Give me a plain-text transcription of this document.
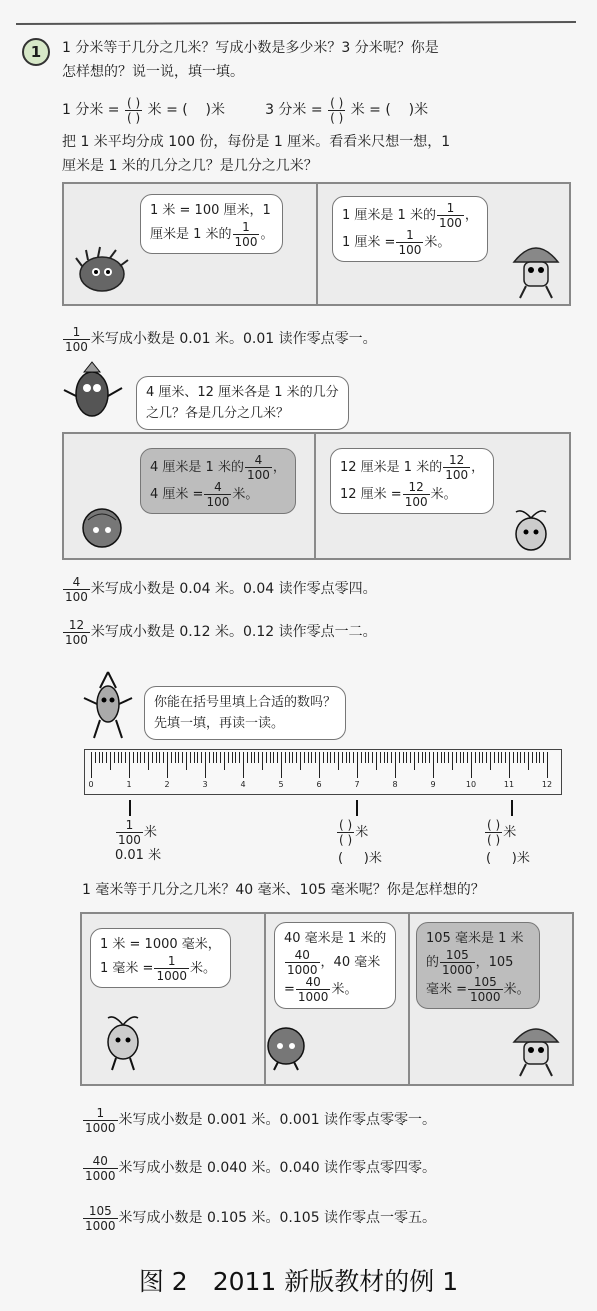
1	1 分米等于几分之几米？写成小数是多少米？3 分米呢？你是
怎样想的？说一说，填一填。
1 分米 = $\frac{( )}{( )}$ 米 = ( )米	3 分米 = $\frac{( )}{( )}$ 米 = ( )米
把 1 米平均分成 100 份，每份是 1 厘米。看看米尺想一想，1
厘米是 1 米的几分之几？是几分之几米？
1 米 = 100 厘米，1
厘米是 1 米的 $\frac{1}{100}$ 。
1 厘米是 1 米的 $\frac{1}{100}$ ，
1 厘米 = $\frac{1}{100}$ 米。
$\frac{1}{100}$ 米写成小数是 0.01 米。0.01 读作零点零一。
4 厘米、12 厘米各是 1 米的几分
之几？各是几分之几米？
4 厘米是 1 米的 $\frac{4}{100}$ ，
4 厘米 = $\frac{4}{100}$ 米。
12 厘米是 1 米的 $\frac{12}{100}$ ，
12 厘米 = $\frac{12}{100}$ 米。
$\frac{4}{100}$ 米写成小数是 0.04 米。0.04 读作零点零四。
$\frac{12}{100}$ 米写成小数是 0.12 米。0.12 读作零点一二。
你能在括号里填上合适的数吗？
先填一填，再读一读。
0	1	2	3	4	5	6	7	8	9	10	11	12
$\frac{1}{100}$ 米
0.01 米
$\frac{( )}{( )}$ 米
( )米
$\frac{( )}{( )}$ 米
( )米
1 毫米等于几分之几米？40 毫米、105 毫米呢？你是怎样想的？
1 米 = 1000 毫米，
1 毫米 = $\frac{1}{1000}$ 米。
40 毫米是 1 米的
$\frac{40}{1000}$ ，40 毫米
= $\frac{40}{1000}$ 米。
105 毫米是 1 米
的 $\frac{105}{1000}$ ，105
毫米 = $\frac{105}{1000}$ 米。
$\frac{1}{1000}$ 米写成小数是 0.001 米。0.001 读作零点零零一。
$\frac{40}{1000}$ 米写成小数是 0.040 米。0.040 读作零点零四零。
$\frac{105}{1000}$ 米写成小数是 0.105 米。0.105 读作零点一零五。
图 2　2011 新版教材的例 1
